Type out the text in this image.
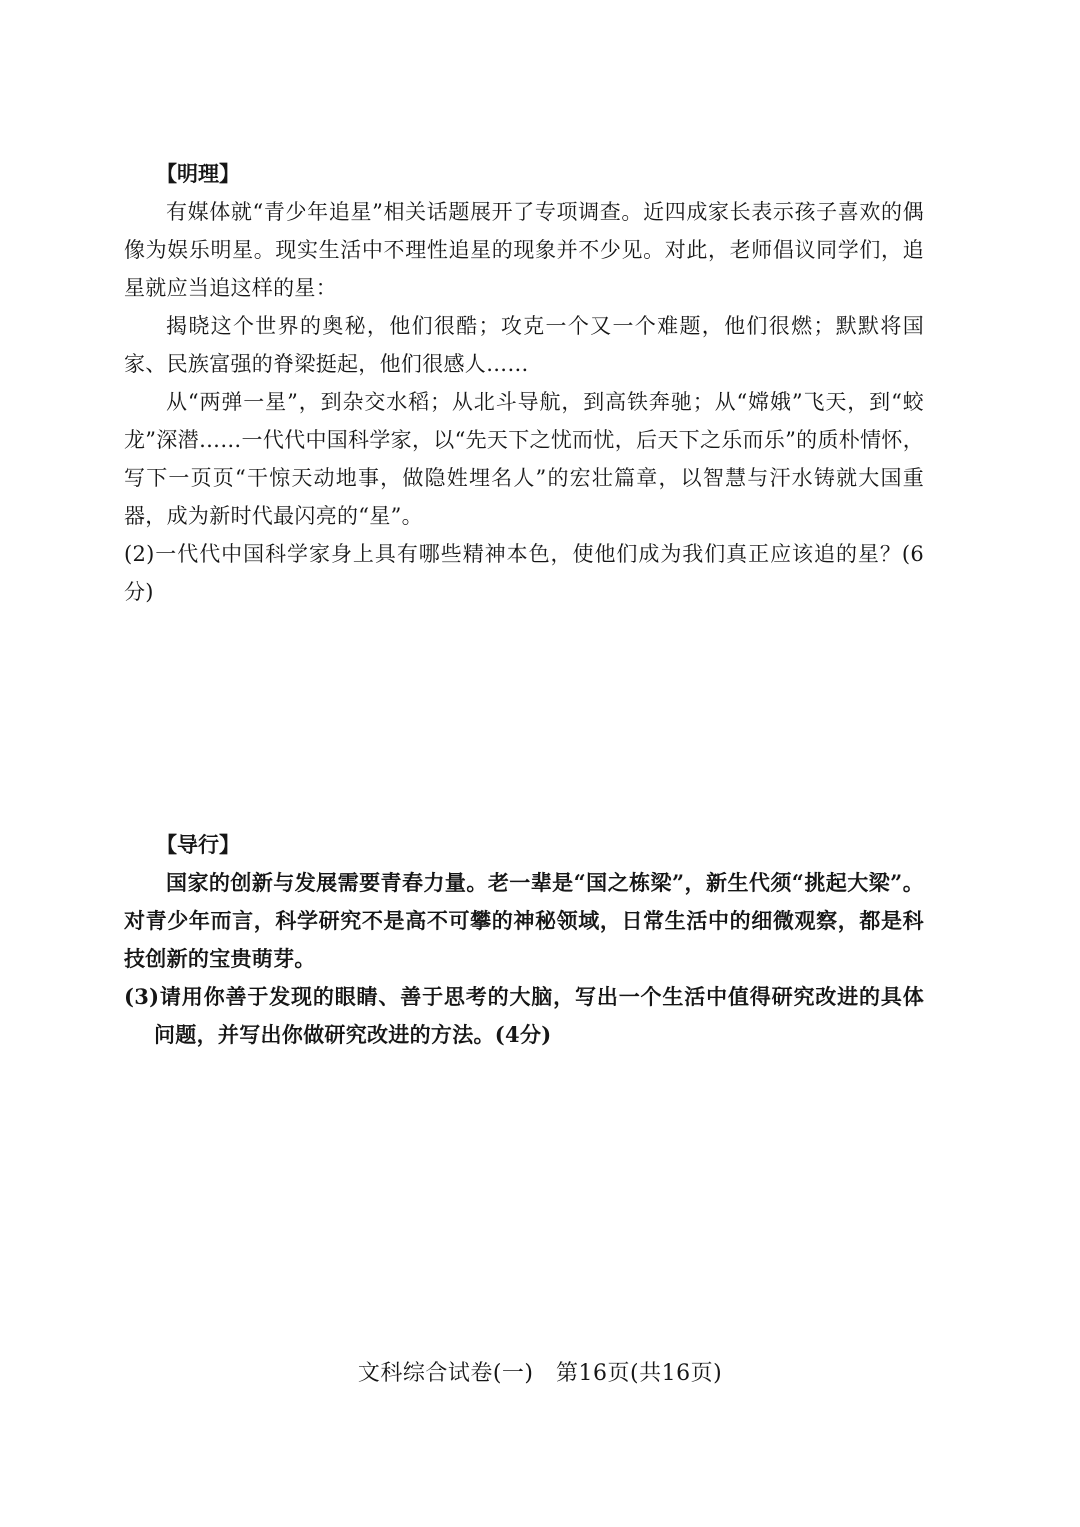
【明理】

有媒体就“青少年追星”相关话题展开了专项调查。近四成家长表示孩子喜欢的偶像为娱乐明星。现实生活中不理性追星的现象并不少见。对此，老师倡议同学们，追星就应当追这样的星：

揭晓这个世界的奥秘，他们很酷；攻克一个又一个难题，他们很燃；默默将国家、民族富强的脊梁挺起，他们很感人……

从“两弹一星”，到杂交水稻；从北斗导航，到高铁奔驰；从“嫦娥”飞天，到“蛟龙”深潜……一代代中国科学家，以“先天下之忧而忧，后天下之乐而乐”的质朴情怀，写下一页页“干惊天动地事，做隐姓埋名人”的宏壮篇章，以智慧与汗水铸就大国重器，成为新时代最闪亮的“星”。

(2)一代代中国科学家身上具有哪些精神本色，使他们成为我们真正应该追的星？(6分)

【导行】

国家的创新与发展需要青春力量。老一辈是“国之栋梁”，新生代须“挑起大梁”。对青少年而言，科学研究不是高不可攀的神秘领域，日常生活中的细微观察，都是科技创新的宝贵萌芽。

(3)请用你善于发现的眼睛、善于思考的大脑，写出一个生活中值得研究改进的具体问题，并写出你做研究改进的方法。(4分)

文科综合试卷(一)　第16页(共16页)
